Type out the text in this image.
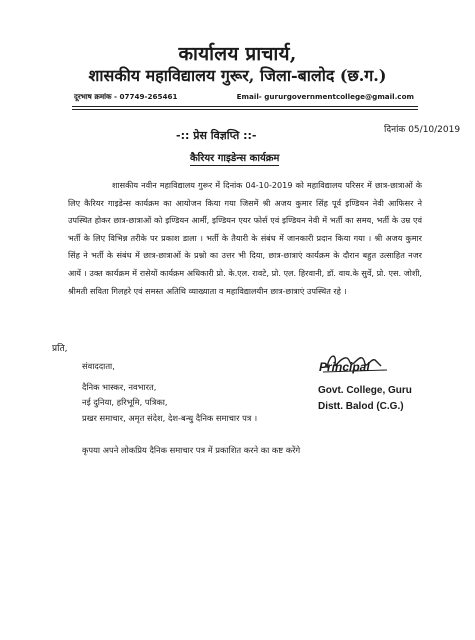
कार्यालय प्राचार्य,
शासकीय महाविद्यालय गुरूर, जिला-बालोद (छ.ग.)
दूरभाष क्रमांक - 07749-265461	Email- gururgovernmentcollege@gmail.com
-:: प्रेस विज्ञप्ति ::-	दिनांक 05/10/2019
कैरियर गाइडेन्स कार्यक्रम
शासकीय नवीन महाविद्यालय गुरूर में दिनांक 04-10-2019 को महाविद्यालय परिसर में छात्र-छात्राओं के लिए कैरियर गाइडेन्स कार्यक्रम का आयोजन किया गया जिसमें श्री अजय कुमार सिंह पूर्व इण्डियन नेवी आफिसर ने उपस्थित होकर छात्र-छात्राओं को इण्डियन आर्मी, इण्डियन एयर फोर्स एवं इण्डियन नेवी में भर्ती का समय, भर्ती के उम्र एवं भर्ती के लिए विभिन्न तरीके पर प्रकाश डाला । भर्ती के तैयारी के संबंध में जानकारी प्रदान किया गया । श्री अजय कुमार सिंह ने भर्ती के संबंध में छात्र-छात्राओं के प्रश्नो का उत्तर भी दिया, छात्र-छात्राएं कार्यक्रम के दौरान बहुत उत्साहित नजर आयें । उक्त कार्यक्रम में रासेयों कार्यक्रम अधिकारी प्रो. के.एल. रावटे, प्रो. एल. हिरवानी, डॉ. वाय.के सुर्वे, प्रो. एस. जोशी, श्रीमती सविता गिलहरे एवं समस्त अतिथि व्याख्याता व महाविद्यालयीन छात्र-छात्राएं उपस्थित रहे ।
प्रति,
संवाददाता,
दैनिक भास्कर, नवभारत,
नई दुनिया, हरिभूमि, पत्रिका,
प्रखर समाचार, अमृत संदेश, देश-बन्धु दैनिक समाचार पत्र ।
Principal
Govt. College, Guru
Distt. Balod (C.G.)
कृपया अपने लोकप्रिय दैनिक समाचार पत्र में प्रकाशित करने का कष्ट करेंगे
